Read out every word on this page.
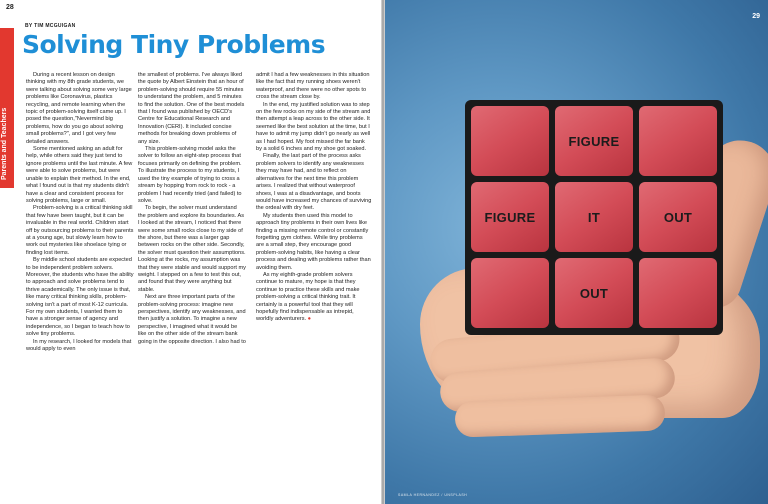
28
Parents and Teachers
BY TIM MCGUIGAN
Solving Tiny Problems

During a recent lesson on design thinking with my 8th grade students, we were talking about solving some very large problems like Coronavirus, plastics recycling, and remote learning when the topic of problem-solving itself came up. I posed the question,"Nevermind big problems, how do you go about solving small problems?", and I got very few detailed answers.

Some mentioned asking an adult for help, while others said they just tend to ignore problems until the last minute. A few were able to solve problems, but were unable to explain their method. In the end, what I found out is that my students didn't have a clear and consistent process for solving problems, large or small.

Problem-solving is a critical thinking skill that few have been taught, but it can be invaluable in the real world. Children start off by outsourcing problems to their parents at a young age, but slowly learn how to work out mysteries like shoelace tying or finding lost items.

By middle school students are expected to be independent problem solvers. Moreover, the students who have the ability to approach and solve problems tend to thrive academically. The only issue is that, like many critical thinking skills, problem-solving isn't a part of most K-12 curricula. For my own students, I wanted them to have a stronger sense of agency and independence, so I began to teach how to solve tiny problems.

In my research, I looked for models that would apply to even

the smallest of problems. I've always liked the quote by Albert Einstein that an hour of problem-solving should require 55 minutes to understand the problem, and 5 minutes to find the solution. One of the best models that I found was published by OECD's Centre for Educational Research and Innovation (CERI). It included concise methods for breaking down problems of any size.

This problem-solving model asks the solver to follow an eight-step process that focuses primarily on defining the problem. To illustrate the process to my students, I used the tiny example of trying to cross a stream by hopping from rock to rock - a problem I had recently tried (and failed) to solve.

To begin, the solver must understand the problem and explore its boundaries. As I looked at the stream, I noticed that there were some small rocks close to my side of the shore, but there was a larger gap between rocks on the other side. Secondly, the solver must question their assumptions. Looking at the rocks, my assumption was that they were stable and would support my weight. I stepped on a few to test this out, and found that they were anything but stable.

Next are three important parts of the problem-solving process: imagine new perspectives, identify any weaknesses, and then justify a solution. To imagine a new perspective, I imagined what it would be like on the other side of the stream bank going in the opposite direction. I also had to

admit I had a few weaknesses in this situation like the fact that my running shoes weren't waterproof, and there were no other spots to cross the stream close by.

In the end, my justified solution was to step on the few rocks on my side of the stream and then attempt a leap across to the other side. It seemed like the best solution at the time, but I have to admit my jump didn't go nearly as well as I had hoped. My foot missed the far bank by a solid 6 inches and my shoe got soaked.

Finally, the last part of the process asks problem solvers to identify any weaknesses they may have had, and to reflect on alternatives for the next time this problem arises. I realized that without waterproof shoes, I was at a disadvantage, and boots would have increased my chances of surviving the ordeal with dry feet.

My students then used this model to approach tiny problems in their own lives like finding a missing remote control or constantly forgetting gym clothes. While tiny problems are a small step, they encourage good problem-solving habits, like having a clear process and dealing with problems rather than avoiding them.

As my eighth-grade problem solvers continue to mature, my hope is that they continue to practice these skills and make problem-solving a critical thinking trait. It certainly is a powerful tool that they will hopefully find indispensable as intrepid, worldly adventurers. ●

29
FIGURE
FIGURE	IT	OUT
OUT
SAMLA HERNANDEZ / UNSPLASH
